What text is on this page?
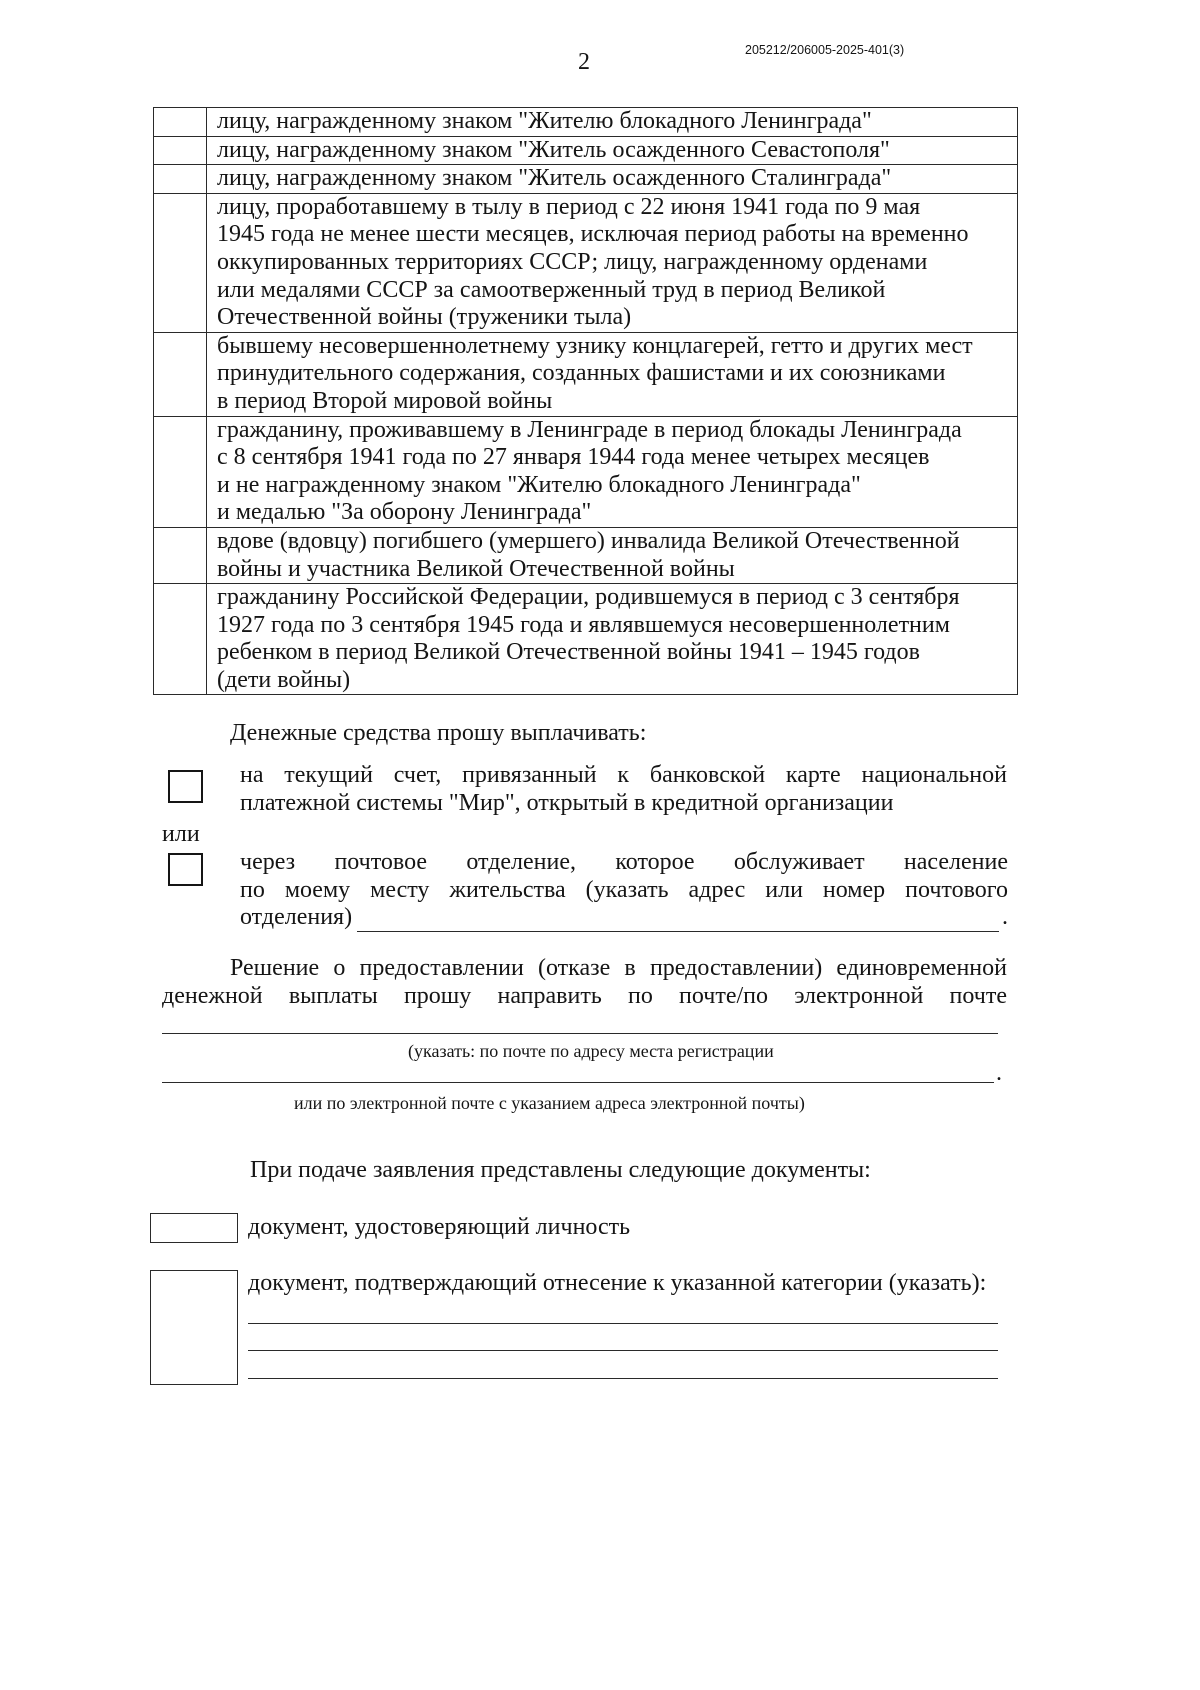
2	205212/206005-2025-401(3)

	лицу, награжденному знаком "Жителю блокадного Ленинграда"

	лицу, награжденному знаком "Житель осажденного Севастополя"

	лицу, награжденному знаком "Житель осажденного Сталинграда"

	лицу, проработавшему в тылу в период с 22 июня 1941 года по 9 мая
1945 года не менее шести месяцев, исключая период работы на временно
оккупированных территориях СССР; лицу, награжденному орденами
или медалями СССР за самоотверженный труд в период Великой
Отечественной войны (труженики тыла)

	бывшему несовершеннолетнему узнику концлагерей, гетто и других мест
принудительного содержания, созданных фашистами и их союзниками
в период Второй мировой войны

	гражданину, проживавшему в Ленинграде в период блокады Ленинграда
с 8 сентября 1941 года по 27 января 1944 года менее четырех месяцев
и не награжденному знаком "Жителю блокадного Ленинграда"
и медалью "За оборону Ленинграда"

	вдове (вдовцу) погибшего (умершего) инвалида Великой Отечественной
войны и участника Великой Отечественной войны

	гражданину Российской Федерации, родившемуся в период с 3 сентября
1927 года по 3 сентября 1945 года и являвшемуся несовершеннолетним
ребенком в период Великой Отечественной войны 1941 – 1945 годов
(дети войны)
Денежные средства прошу выплачивать:
на текущий счет, привязанный к банковской карте национальной
платежной системы "Мир", открытый в кредитной организации
или
через почтовое отделение, которое обслуживает население
по моему месту жительства (указать адрес или номер почтового
отделения)	.
Решение о предоставлении (отказе в предоставлении) единовременной
денежной выплаты прошу направить по почте/по электронной почте
(указать: по почте по адресу места регистрации
.
или по электронной почте с указанием адреса электронной почты)
При подаче заявления представлены следующие документы:
документ, удостоверяющий личность
документ, подтверждающий отнесение к указанной категории (указать):
